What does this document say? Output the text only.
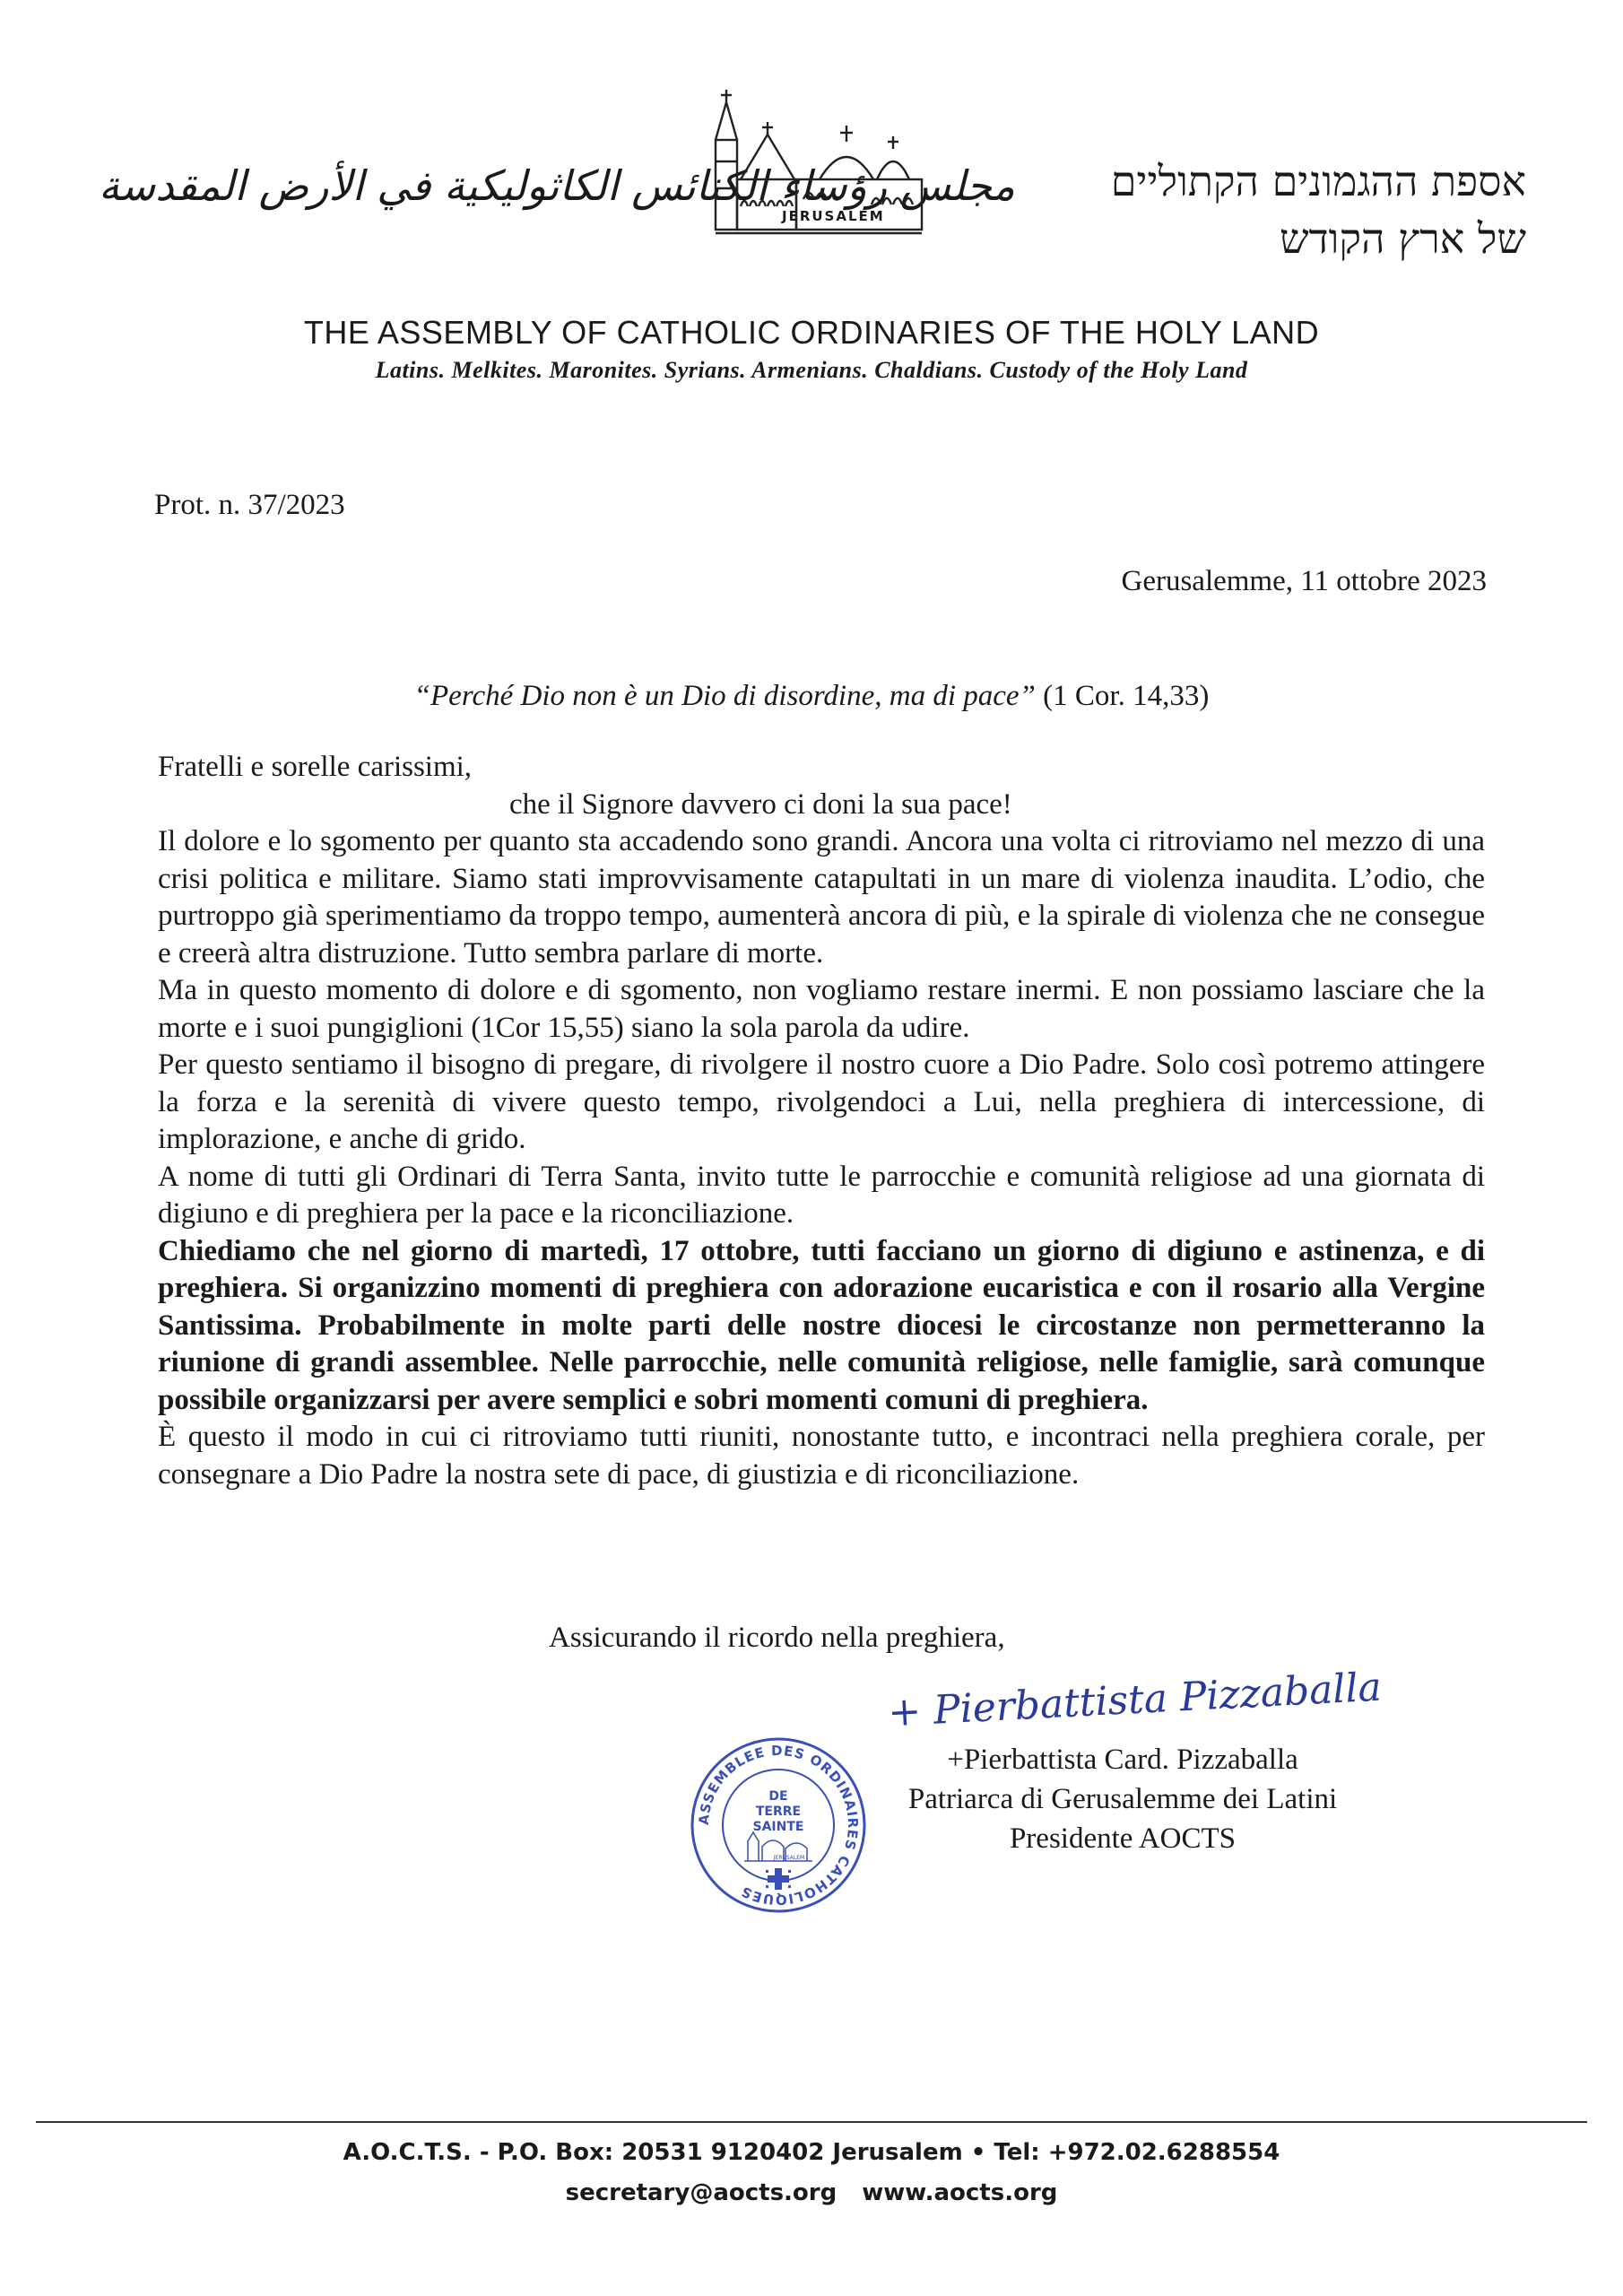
مجلس رؤساء الكنائس الكاثوليكية في الأرض المقدسة
JERUSALEM
אספת ההגמונים הקתוליים
של ארץ הקודש
THE ASSEMBLY OF CATHOLIC ORDINARIES OF THE HOLY LAND
Latins. Melkites. Maronites. Syrians. Armenians. Chaldians. Custody of the Holy Land
Prot. n. 37/2023
Gerusalemme, 11 ottobre 2023
“Perché Dio non è un Dio di disordine, ma di pace” (1 Cor. 14,33)

Fratelli e sorelle carissimi,

che il Signore davvero ci doni la sua pace!

Il dolore e lo sgomento per quanto sta accadendo sono grandi. Ancora una volta ci ritroviamo nel mezzo di una crisi politica e militare. Siamo stati improvvisamente catapultati in un mare di violenza inaudita. L’odio, che purtroppo già sperimentiamo da troppo tempo, aumenterà ancora di più, e la spirale di violenza che ne consegue e creerà altra distruzione. Tutto sembra parlare di morte.

Ma in questo momento di dolore e di sgomento, non vogliamo restare inermi. E non possiamo lasciare che la morte e i suoi pungiglioni (1Cor 15,55) siano la sola parola da udire.

Per questo sentiamo il bisogno di pregare, di rivolgere il nostro cuore a Dio Padre. Solo così potremo attingere la forza e la serenità di vivere questo tempo, rivolgendoci a Lui, nella preghiera di intercessione, di implorazione, e anche di grido.

A nome di tutti gli Ordinari di Terra Santa, invito tutte le parrocchie e comunità religiose ad una giornata di digiuno e di preghiera per la pace e la riconciliazione.

Chiediamo che nel giorno di martedì, 17 ottobre, tutti facciano un giorno di digiuno e astinenza, e di preghiera. Si organizzino momenti di preghiera con adorazione eucaristica e con il rosario alla Vergine Santissima. Probabilmente in molte parti delle nostre diocesi le circostanze non permetteranno la riunione di grandi assemblee. Nelle parrocchie, nelle comunità religiose, nelle famiglie, sarà comunque possibile organizzarsi per avere semplici e sobri momenti comuni di preghiera.

È questo il modo in cui ci ritroviamo tutti riuniti, nonostante tutto, e incontraci nella preghiera corale, per consegnare a Dio Padre la nostra sete di pace, di giustizia e di riconciliazione.

Assicurando il ricordo nella preghiera,
+ Pierbattista Pizzaballa
ASSEMBLEE DES ORDINAIRES CATHOLIQUES
DE
TERRE
SAINTE
JERUSALEM
+Pierbattista Card. Pizzaballa
Patriarca di Gerusalemme dei Latini
Presidente AOCTS
A.O.C.T.S. - P.O. Box: 20531 9120402 Jerusalem • Tel: +972.02.6288554
secretary@aocts.org www.aocts.org
